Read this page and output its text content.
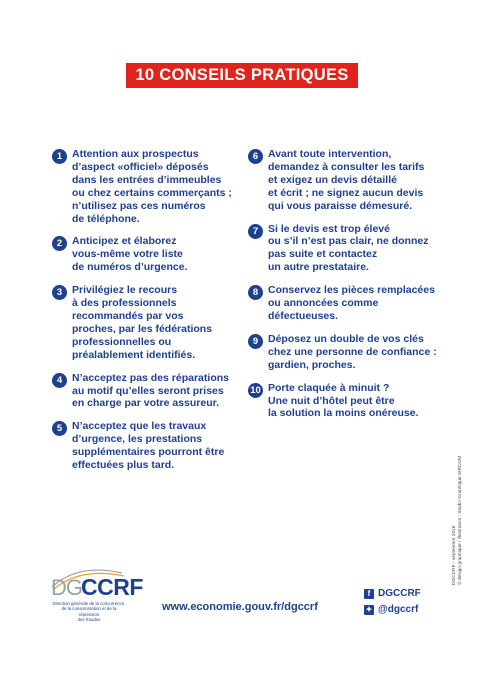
10 CONSEILS PRATIQUES
1 Attention aux prospectus
d’aspect «officiel» déposés
dans les entrées d’immeubles
ou chez certains commerçants ;
n’utilisez pas ces numéros
de téléphone.
2 Anticipez et élaborez
vous-même votre liste
de numéros d’urgence.
3 Privilégiez le recours
à des professionnels
recommandés par vos
proches, par les fédérations
professionnelles ou
préalablement identifiés.
4 N’acceptez pas des réparations
au motif qu’elles seront prises
en charge par votre assureur.
5 N’acceptez que les travaux
d’urgence, les prestations
supplémentaires pourront être
effectuées plus tard.
6 Avant toute intervention,
demandez à consulter les tarifs
et exigez un devis détaillé
et écrit ; ne signez aucun devis
qui vous paraisse démesuré.
7 Si le devis est trop élevé
ou s’il n’est pas clair, ne donnez
pas suite et contactez
un autre prestataire.
8 Conservez les pièces remplacées
ou annoncées comme
défectueuses.
9 Déposez un double de vos clés
chez une personne de confiance :
gardien, proches.
10 Porte claquée à minuit ?
Une nuit d’hôtel peut être
la solution la moins onéreuse.
DGCCRF - septembre 2016 © design graphique / illustration : Studio Graphique SIRCOM
DG CCRF
Direction générale de la concurrence,
de la consommation et de la répression
des fraudes
www.economie.gouv.fr/dgccrf
f DGCCRF
✦ @dgccrf
